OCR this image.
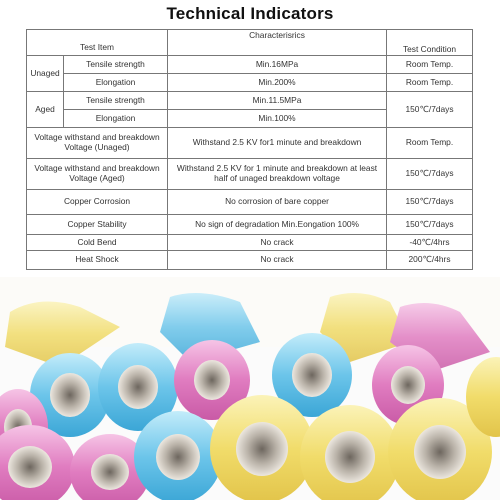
Technical Indicators
Test Item		Characterisrics	Test Condition
Unaged	Tensile strength	Min.16MPa	Room Temp.
	Elongation	Min.200%	Room Temp.
Aged	Tensile strength	Min.11.5MPa	150℃/7days
	Elongation	Min.100%	
Voltage withstand and breakdown Voltage (Unaged)		Withstand 2.5 KV for1 minute and breakdown	Room Temp.
Voltage withstand and breakdown Voltage (Aged)		Withstand 2.5 KV for 1 minute and breakdown at least half of unaged breakdown voltage	150℃/7days
Copper Corrosion		No corrosion of bare copper	150℃/7days
Copper Stability		No sign of degradation Min.Eongation 100%	150℃/7days
Cold Bend		No crack	-40℃/4hrs
Heat Shock		No crack	200℃/4hrs
